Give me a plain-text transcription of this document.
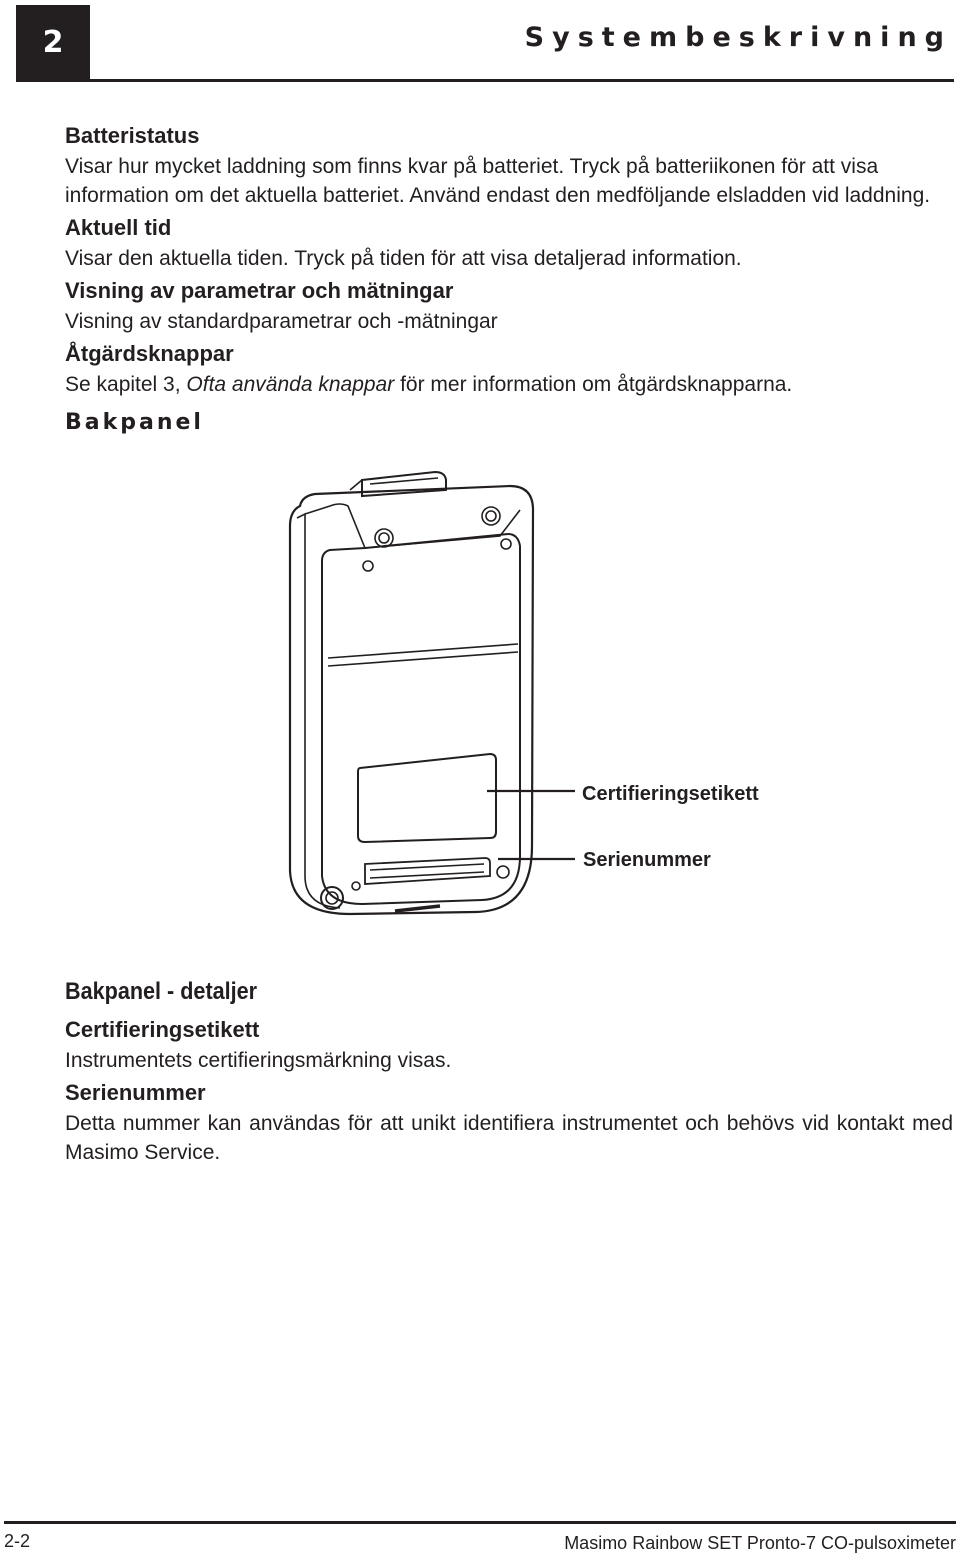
2	Systembeskrivning
Batteristatus

Visar hur mycket laddning som finns kvar på batteriet. Tryck på batteriikonen för att visa information om det aktuella batteriet. Använd endast den medföljande elsladden vid laddning.

Aktuell tid

Visar den aktuella tiden. Tryck på tiden för att visa detaljerad information.

Visning av parametrar och mätningar

Visning av standardparametrar och -mätningar

Åtgärdsknappar

Se kapitel 3, Ofta använda knappar för mer information om åtgärdsknapparna.

Bakpanel
Certifieringsetikett
Serienummer
Bakpanel - detaljer
Certifieringsetikett

Instrumentets certifieringsmärkning visas.

Serienummer

Detta nummer kan användas för att unikt identifiera instrumentet och behövs vid kontakt med Masimo Service.

2-2	Masimo Rainbow SET Pronto-7 CO-pulsoximeter
